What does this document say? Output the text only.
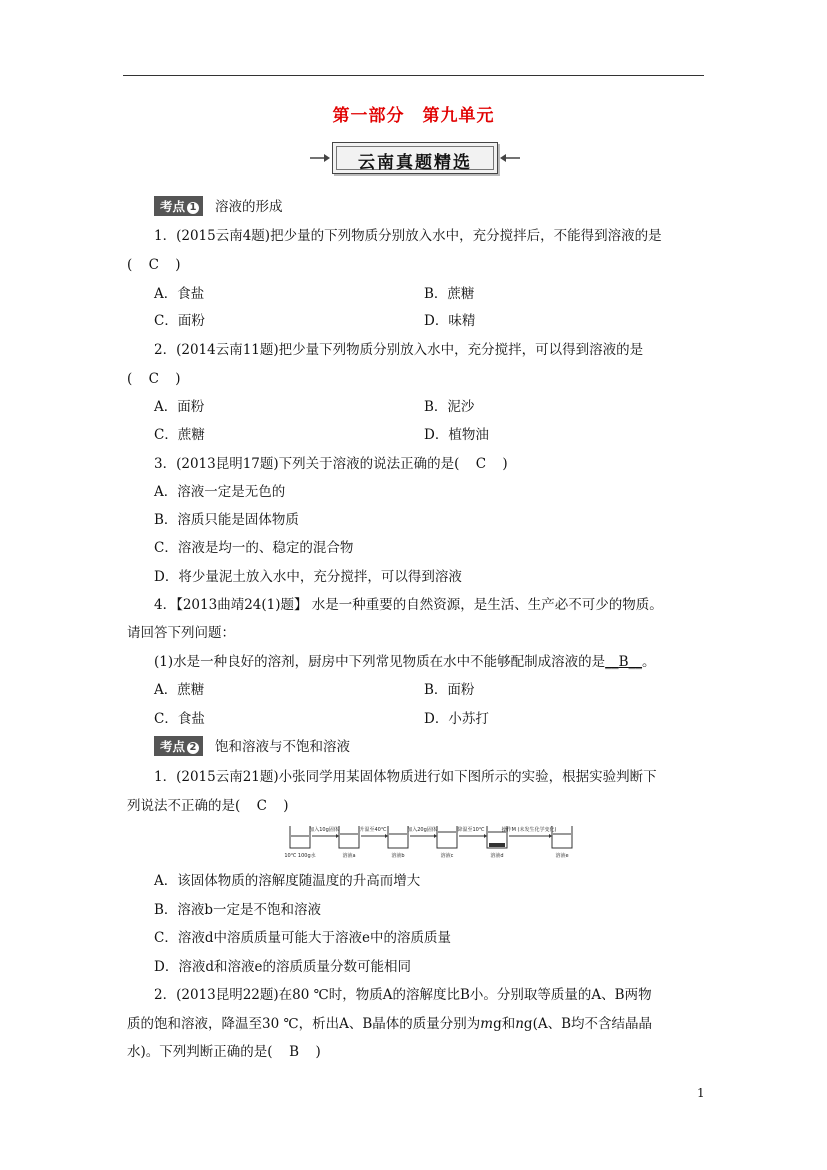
第一部分　第九单元
云南真题精选
考点 1 溶液的形成
1．(2015云南4题)把少量的下列物质分别放入水中，充分搅拌后，不能得到溶液的是
(　C　)
A．食盐	B．蔗糖
C．面粉	D．味精
2．(2014云南11题)把少量下列物质分别放入水中，充分搅拌，可以得到溶液的是
(　C　)
A．面粉	B．泥沙
C．蔗糖	D．植物油
3．(2013昆明17题)下列关于溶液的说法正确的是(　 C　)
A．溶液一定是无色的
B．溶质只能是固体物质
C．溶液是均一的、稳定的混合物
D．将少量泥土放入水中，充分搅拌，可以得到溶液
4．【2013曲靖24(1)题】 水是一种重要的自然资源，是生活、生产必不可少的物质。
请回答下列问题：
(1)水是一种良好的溶剂，厨房中下列常见物质在水中不能够配制成溶液的是__B__。
A．蔗糖	B．面粉
C．食盐	D．小苏打
考点 2 饱和溶液与不饱和溶液
1．(2015云南21题)小张同学用某固体物质进行如下图所示的实验，根据实验判断下
列说法不正确的是(　 C　)
加入10g固体	升温至40℃	加入20g固体	降温至10℃	操作M (未发生化学变化)
10℃ 100g水	溶液a	溶液b	溶液c	溶液d	溶液e
A．该固体物质的溶解度随温度的升高而增大
B．溶液b一定是不饱和溶液
C．溶液d中溶质质量可能大于溶液e中的溶质质量
D．溶液d和溶液e的溶质质量分数可能相同
2．(2013昆明22题)在80 ℃时，物质A的溶解度比B小。分别取等质量的A、B两物
质的饱和溶液，降温至30 ℃，析出A、B晶体的质量分别为mg和ng(A、B均不含结晶晶
水)。下列判断正确的是(　 B　)
1
